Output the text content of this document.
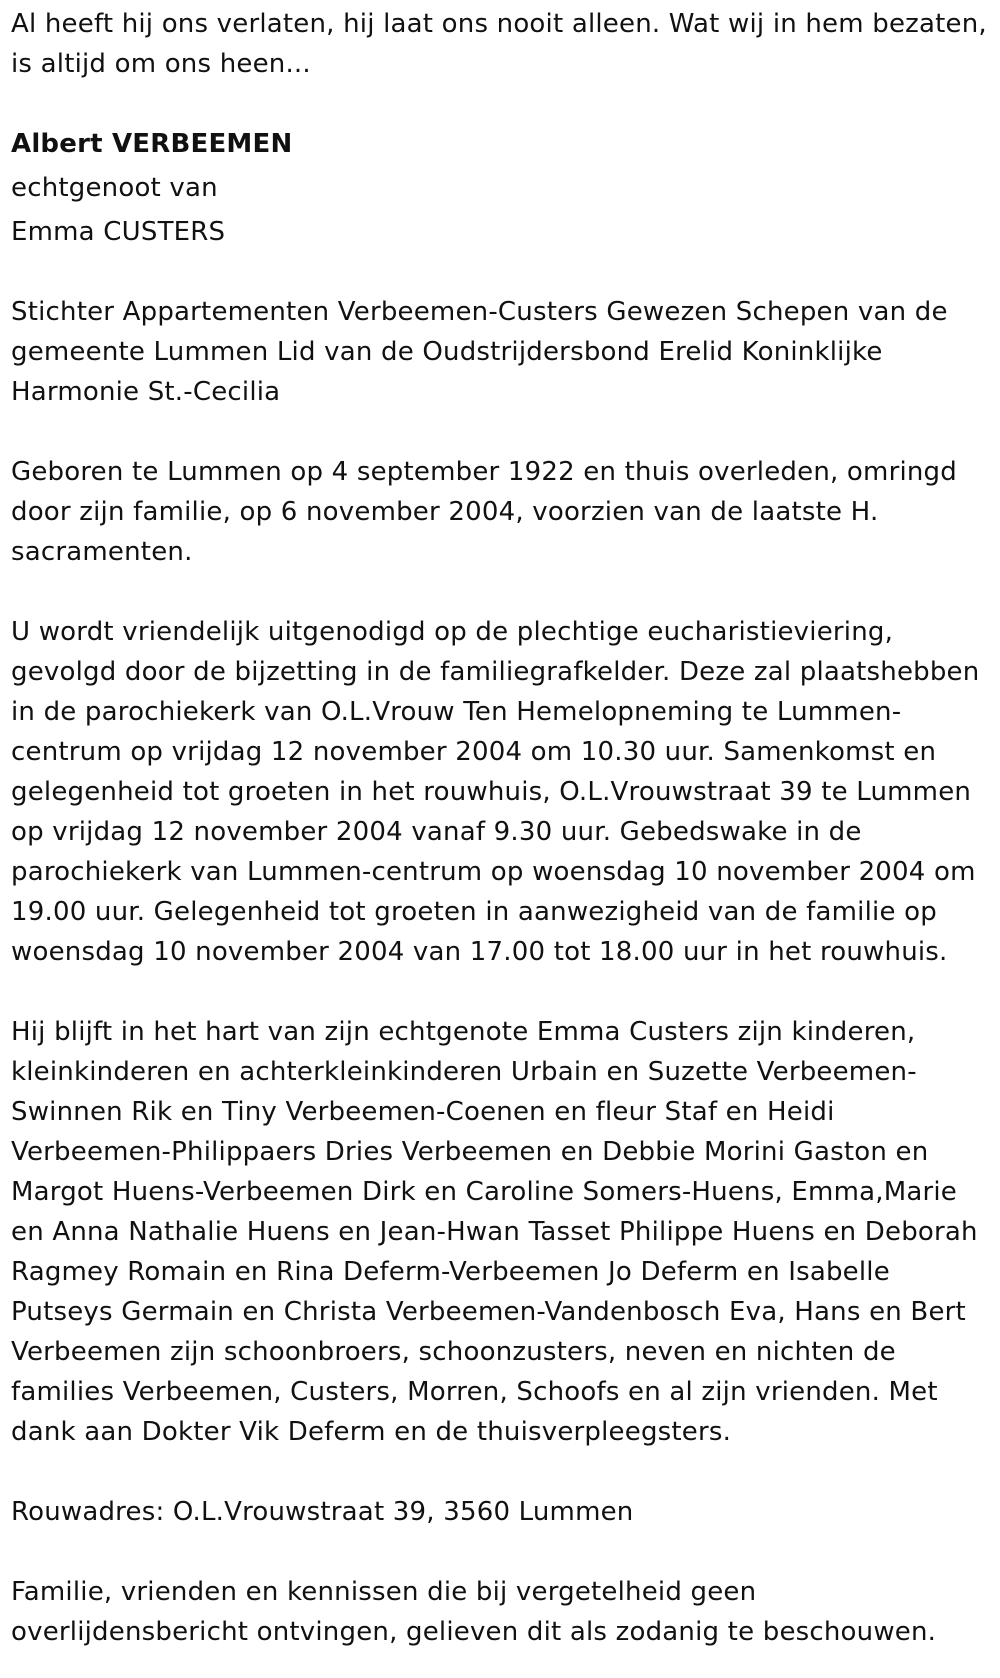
Al heeft hij ons verlaten, hij laat ons nooit alleen. Wat wij in hem bezaten, is altijd om ons heen...

Albert VERBEEMEN

echtgenoot van

Emma CUSTERS

Stichter Appartementen Verbeemen-Custers Gewezen Schepen van de gemeente Lummen Lid van de Oudstrijdersbond Erelid Koninklijke Harmonie St.-Cecilia

Geboren te Lummen op 4 september 1922 en thuis overleden, omringd door zijn familie, op 6 november 2004, voorzien van de laatste H. sacramenten.

U wordt vriendelijk uitgenodigd op de plechtige eucharistieviering, gevolgd door de bijzetting in de familiegrafkelder. Deze zal plaatshebben in de parochiekerk van O.L.Vrouw Ten Hemelopneming te Lummen-centrum op vrijdag 12 november 2004 om 10.30 uur. Samenkomst en gelegenheid tot groeten in het rouwhuis, O.L.Vrouwstraat 39 te Lummen op vrijdag 12 november 2004 vanaf 9.30 uur. Gebedswake in de parochiekerk van Lummen-centrum op woensdag 10 november 2004 om 19.00 uur. Gelegenheid tot groeten in aanwezigheid van de familie op woensdag 10 november 2004 van 17.00 tot 18.00 uur in het rouwhuis.

Hij blijft in het hart van zijn echtgenote Emma Custers zijn kinderen, kleinkinderen en achterkleinkinderen Urbain en Suzette Verbeemen-Swinnen Rik en Tiny Verbeemen-Coenen en fleur Staf en Heidi Verbeemen-Philippaers Dries Verbeemen en Debbie Morini Gaston en Margot Huens-Verbeemen Dirk en Caroline Somers-Huens, Emma,Marie en Anna Nathalie Huens en Jean-Hwan Tasset Philippe Huens en Deborah Ragmey Romain en Rina Deferm-Verbeemen Jo Deferm en Isabelle Putseys Germain en Christa Verbeemen-Vandenbosch Eva, Hans en Bert Verbeemen zijn schoonbroers, schoonzusters, neven en nichten de families Verbeemen, Custers, Morren, Schoofs en al zijn vrienden. Met dank aan Dokter Vik Deferm en de thuisverpleegsters.

Rouwadres: O.L.Vrouwstraat 39, 3560 Lummen

Familie, vrienden en kennissen die bij vergetelheid geen overlijdensbericht ontvingen, gelieven dit als zodanig te beschouwen.
